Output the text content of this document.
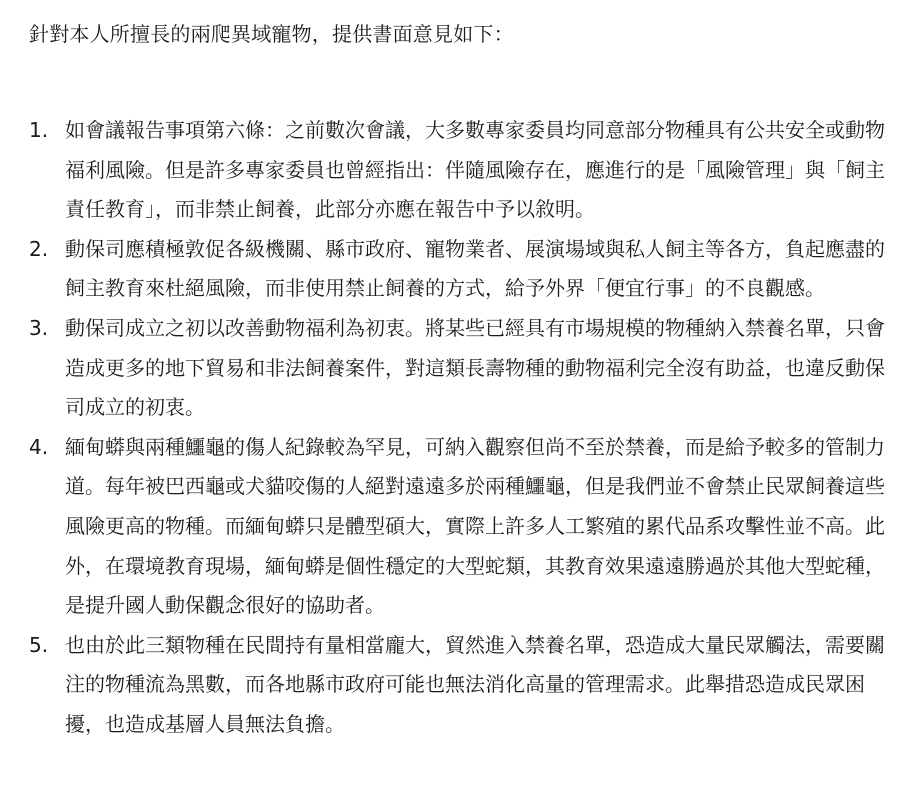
針對本人所擅長的兩爬異域寵物，提供書面意見如下：

1. 如會議報告事項第六條：之前數次會議，大多數專家委員均同意部分物種具有公共安全或動物福利風險。但是許多專家委員也曾經指出：伴隨風險存在，應進行的是「風險管理」與「飼主責任教育」，而非禁止飼養，此部分亦應在報告中予以敘明。
2. 動保司應積極敦促各級機關、縣市政府、寵物業者、展演場域與私人飼主等各方，負起應盡的飼主教育來杜絕風險，而非使用禁止飼養的方式，給予外界「便宜行事」的不良觀感。
3. 動保司成立之初以改善動物福利為初衷。將某些已經具有市場規模的物種納入禁養名單，只會造成更多的地下貿易和非法飼養案件，對這類長壽物種的動物福利完全沒有助益，也違反動保司成立的初衷。
4. 緬甸蟒與兩種鱷龜的傷人紀錄較為罕見，可納入觀察但尚不至於禁養，而是給予較多的管制力道。每年被巴西龜或犬貓咬傷的人絕對遠遠多於兩種鱷龜，但是我們並不會禁止民眾飼養這些風險更高的物種。而緬甸蟒只是體型碩大，實際上許多人工繁殖的累代品系攻擊性並不高。此外，在環境教育現場，緬甸蟒是個性穩定的大型蛇類，其教育效果遠遠勝過於其他大型蛇種，是提升國人動保觀念很好的協助者。
5. 也由於此三類物種在民間持有量相當龐大，貿然進入禁養名單，恐造成大量民眾觸法，需要關注的物種流為黑數，而各地縣市政府可能也無法消化高量的管理需求。此舉措恐造成民眾困擾，也造成基層人員無法負擔。
